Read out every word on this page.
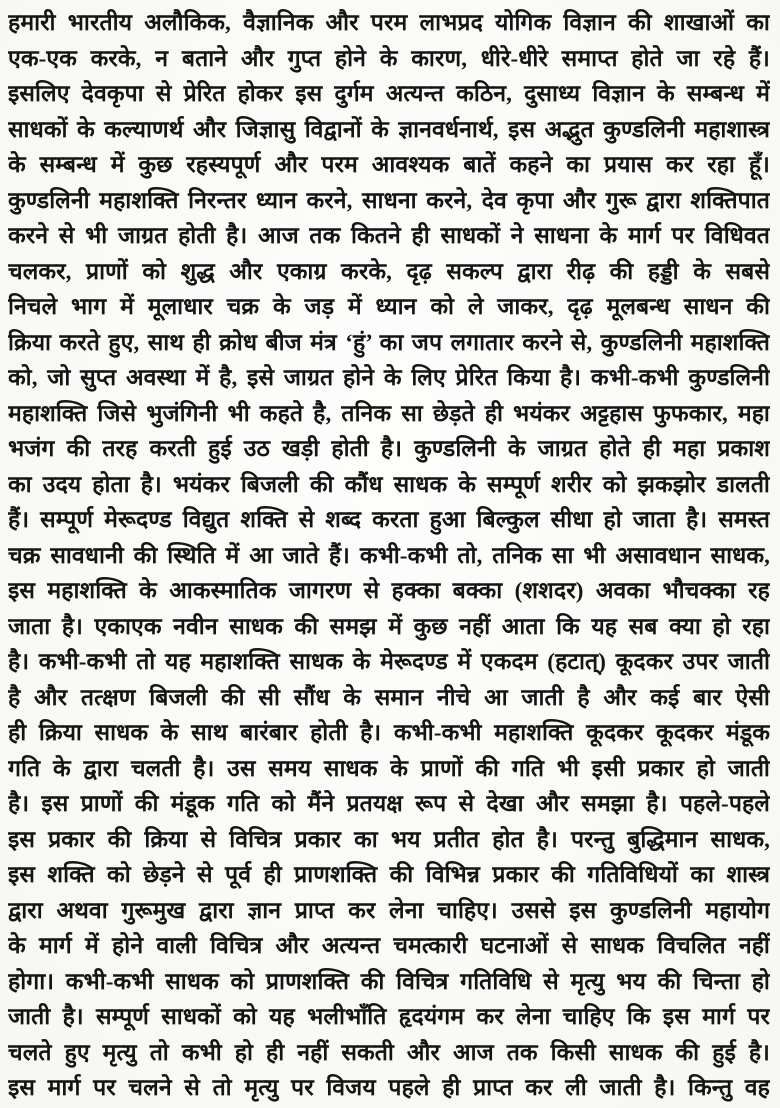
हमारी भारतीय अलौकिक, वैज्ञानिक और परम लाभप्रद योगिक विज्ञान की शाखाओं का
एक-एक करके, न बताने और गुप्त होने के कारण, धीरे-धीरे समाप्त होते जा रहे हैं।
इसलिए देवकृपा से प्रेरित होकर इस दुर्गम अत्यन्त कठिन, दुसाध्य विज्ञान के सम्बन्ध में
साधकों के कल्याणर्थ और जिज्ञासु विद्वानों के ज्ञानवर्धनार्थ, इस अद्भुत कुण्डलिनी महाशास्त्र
के सम्बन्ध में कुछ रहस्यपूर्ण और परम आवश्यक बातें कहने का प्रयास कर रहा हूँ।
कुण्डलिनी महाशक्ति निरन्तर ध्यान करने, साधना करने, देव कृपा और गुरू द्वारा शक्तिपात
करने से भी जाग्रत होती है। आज तक कितने ही साधकों ने साधना के मार्ग पर विधिवत
चलकर, प्राणों को शुद्ध और एकाग्र करके, दृढ़ सकल्प द्वारा रीढ़ की हड्डी के सबसे
निचले भाग में मूलाधार चक्र के जड़ में ध्यान को ले जाकर, दृढ़ मूलबन्ध साधन की
क्रिया करते हुए, साथ ही क्रोध बीज मंत्र ‘हुं’ का जप लगातार करने से, कुण्डलिनी महाशक्ति
को, जो सुप्त अवस्था में है, इसे जाग्रत होने के लिए प्रेरित किया है। कभी-कभी कुण्डलिनी
महाशक्ति जिसे भुजंगिनी भी कहते है, तनिक सा छेड़ते ही भयंकर अट्टहास फुफकार, महा
भजंग की तरह करती हुई उठ खड़ी होती है। कुण्डलिनी के जाग्रत होते ही महा प्रकाश
का उदय होता है। भयंकर बिजली की कौंध साधक के सम्पूर्ण शरीर को झकझोर डालती
हैं। सम्पूर्ण मेरूदण्ड विद्युत शक्ति से शब्द करता हुआ बिल्कुल सीधा हो जाता है। समस्त
चक्र सावधानी की स्थिति में आ जाते हैं। कभी-कभी तो, तनिक सा भी असावधान साधक,
इस महाशक्ति के आकस्मातिक जागरण से हक्का बक्का (शशदर) अवका भौचक्का रह
जाता है। एकाएक नवीन साधक की समझ में कुछ नहीं आता कि यह सब क्या हो रहा
है। कभी-कभी तो यह महाशक्ति साधक के मेरूदण्ड में एकदम (हटात्) कूदकर उपर जाती
है और तत्क्षण बिजली की सी सौंध के समान नीचे आ जाती है और कई बार ऐसी
ही क्रिया साधक के साथ बारंबार होती है। कभी-कभी महाशक्ति कूदकर कूदकर मंडूक
गति के द्वारा चलती है। उस समय साधक के प्राणों की गति भी इसी प्रकार हो जाती
है। इस प्राणों की मंडूक गति को मैंने प्रतयक्ष रूप से देखा और समझा है। पहले-पहले
इस प्रकार की क्रिया से विचित्र प्रकार का भय प्रतीत होत है। परन्तु बुद्धिमान साधक,
इस शक्ति को छेड़ने से पूर्व ही प्राणशक्ति की विभिन्न प्रकार की गतिविधियों का शास्त्र
द्वारा अथवा गुरूमुख द्वारा ज्ञान प्राप्त कर लेना चाहिए। उससे इस कुण्डलिनी महायोग
के मार्ग में होने वाली विचित्र और अत्यन्त चमत्कारी घटनाओं से साधक विचलित नहीं
होगा। कभी-कभी साधक को प्राणशक्ति की विचित्र गतिविधि से मृत्यु भय की चिन्ता हो
जाती है। सम्पूर्ण साधकों को यह भलीभाँति हृदयंगम कर लेना चाहिए कि इस मार्ग पर
चलते हुए मृत्यु तो कभी हो ही नहीं सकती और आज तक किसी साधक की हुई है।
इस मार्ग पर चलने से तो मृत्यु पर विजय पहले ही प्राप्त कर ली जाती है। किन्तु वह
